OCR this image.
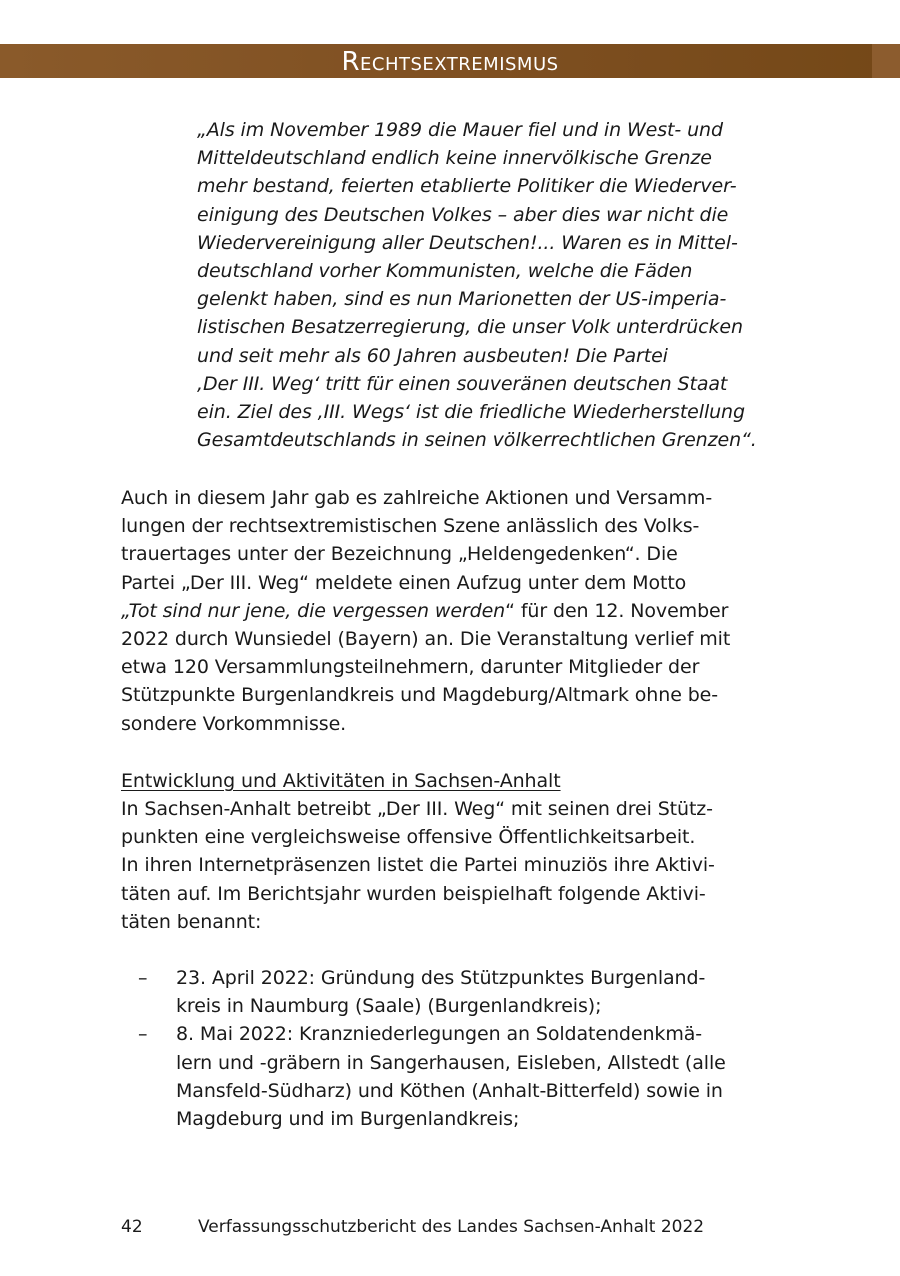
Rechtsextremismus
„Als im November 1989 die Mauer fiel und in West- und
Mitteldeutschland endlich keine innervölkische Grenze
mehr bestand, feierten etablierte Politiker die Wiederver-
einigung des Deutschen Volkes – aber dies war nicht die
Wiedervereinigung aller Deutschen!... Waren es in Mittel-
deutschland vorher Kommunisten, welche die Fäden
gelenkt haben, sind es nun Marionetten der US-imperia-
listischen Besatzerregierung, die unser Volk unterdrücken
und seit mehr als 60 Jahren ausbeuten! Die Partei
‚Der III. Weg‘ tritt für einen souveränen deutschen Staat
ein. Ziel des ‚III. Wegs‘ ist die friedliche Wiederherstellung
Gesamtdeutschlands in seinen völkerrechtlichen Grenzen“.
Auch in diesem Jahr gab es zahlreiche Aktionen und Versamm-
lungen der rechtsextremistischen Szene anlässlich des Volks-
trauertages unter der Bezeichnung „Heldengedenken“. Die
Partei „Der III. Weg“ meldete einen Aufzug unter dem Motto
„Tot sind nur jene, die vergessen werden“ für den 12. November
2022 durch Wunsiedel (Bayern) an. Die Veranstaltung verlief mit
etwa 120 Versammlungsteilnehmern, darunter Mitglieder der
Stützpunkte Burgenlandkreis und Magdeburg/Altmark ohne be-
sondere Vorkommnisse.
Entwicklung und Aktivitäten in Sachsen-Anhalt
In Sachsen-Anhalt betreibt „Der III. Weg“ mit seinen drei Stütz-
punkten eine vergleichsweise offensive Öffentlichkeitsarbeit.
In ihren Internetpräsenzen listet die Partei minuziös ihre Aktivi-
täten auf. Im Berichtsjahr wurden beispielhaft folgende Aktivi-
täten benannt:
– 23. April 2022: Gründung des Stützpunktes Burgenland-
kreis in Naumburg (Saale) (Burgenlandkreis);
– 8. Mai 2022: Kranzniederlegungen an Soldatendenkmä-
lern und -gräbern in Sangerhausen, Eisleben, Allstedt (alle
Mansfeld-Südharz) und Köthen (Anhalt-Bitterfeld) sowie in
Magdeburg und im Burgenlandkreis;
42	Verfassungsschutzbericht des Landes Sachsen-Anhalt 2022
